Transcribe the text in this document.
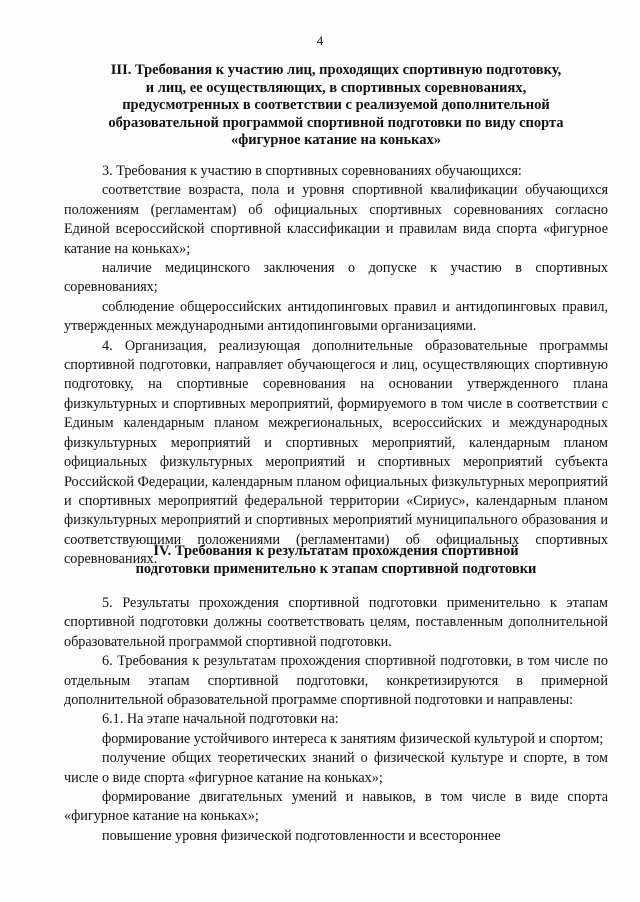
4
III. Требования к участию лиц, проходящих спортивную подготовку,
и лиц, ее осуществляющих, в спортивных соревнованиях,
предусмотренных в соответствии с реализуемой дополнительной
образовательной программой спортивной подготовки по виду спорта
«фигурное катание на коньках»

3. Требования к участию в спортивных соревнованиях обучающихся:

соответствие возраста, пола и уровня спортивной квалификации обучающихся положениям (регламентам) об официальных спортивных соревнованиях согласно Единой всероссийской спортивной классификации и правилам вида спорта «фигурное катание на коньках»;

наличие медицинского заключения о допуске к участию в спортивных соревнованиях;

соблюдение общероссийских антидопинговых правил и антидопинговых правил, утвержденных международными антидопинговыми организациями.

4. Организация, реализующая дополнительные образовательные программы спортивной подготовки, направляет обучающегося и лиц, осуществляющих спортивную подготовку, на спортивные соревнования на основании утвержденного плана физкультурных и спортивных мероприятий, формируемого в том числе в соответствии с Единым календарным планом межрегиональных, всероссийских и международных физкультурных мероприятий и спортивных мероприятий, календарным планом официальных физкультурных мероприятий и спортивных мероприятий субъекта Российской Федерации, календарным планом официальных физкультурных мероприятий и спортивных мероприятий федеральной территории «Сириус», календарным планом физкультурных мероприятий и спортивных мероприятий муниципального образования и соответствующими положениями (регламентами) об официальных спортивных соревнованиях.

IV. Требования к результатам прохождения спортивной
подготовки применительно к этапам спортивной подготовки

5. Результаты прохождения спортивной подготовки применительно к этапам спортивной подготовки должны соответствовать целям, поставленным дополнительной образовательной программой спортивной подготовки.

6. Требования к результатам прохождения спортивной подготовки, в том числе по отдельным этапам спортивной подготовки, конкретизируются в примерной дополнительной образовательной программе спортивной подготовки и направлены:

6.1. На этапе начальной подготовки на:

формирование устойчивого интереса к занятиям физической культурой и спортом;

получение общих теоретических знаний о физической культуре и спорте, в том числе о виде спорта «фигурное катание на коньках»;

формирование двигательных умений и навыков, в том числе в виде спорта «фигурное катание на коньках»;

повышение уровня физической подготовленности и всестороннее
